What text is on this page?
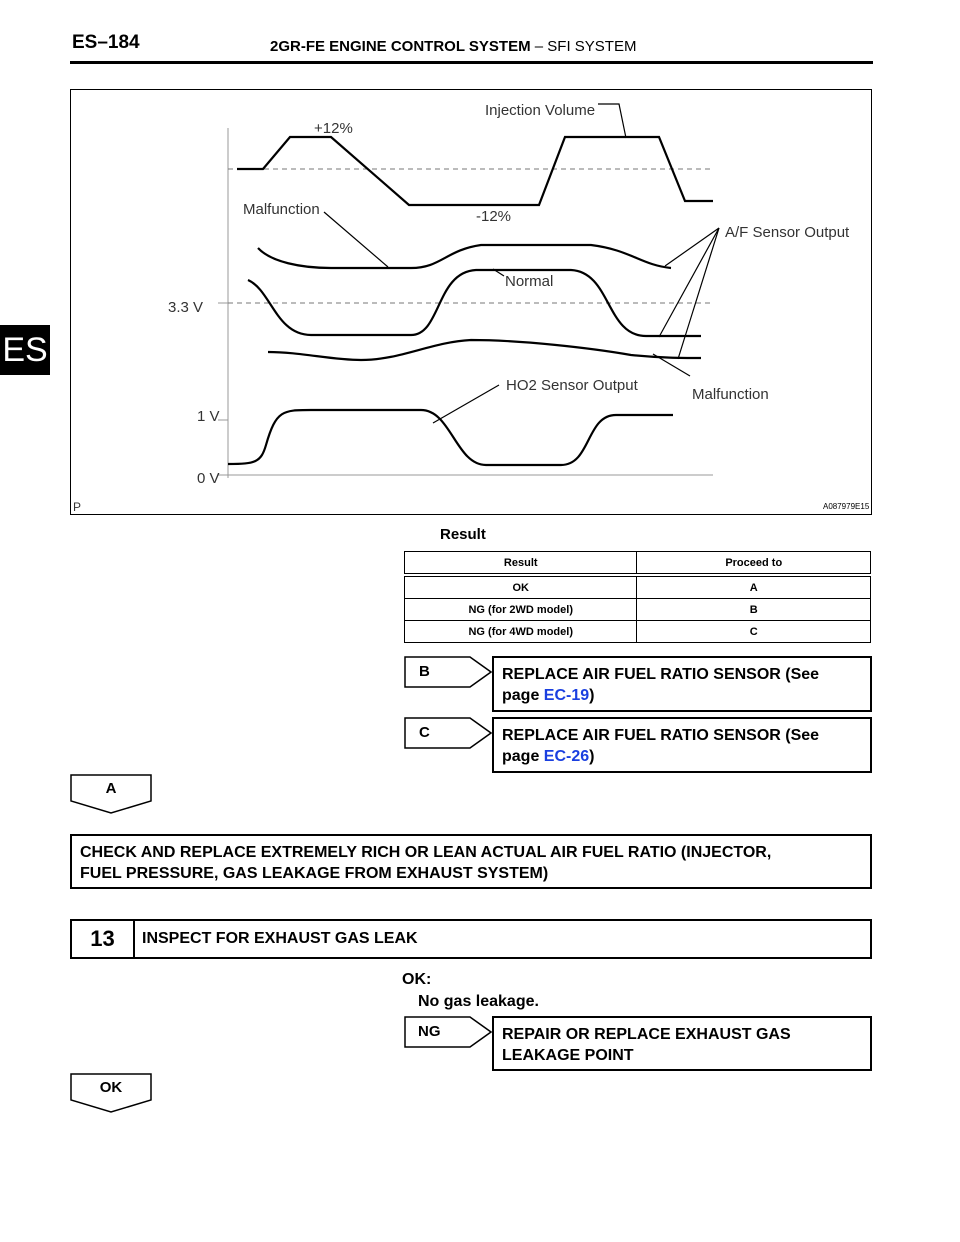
ES–184	2GR-FE ENGINE CONTROL SYSTEM – SFI SYSTEM
ES
Injection Volume
+12%
-12%
Malfunction
A/F Sensor Output
Normal
3.3 V
Malfunction
HO2 Sensor Output
1 V
0 V
P	A087979E15
Result
Result	Proceed to
OK	A
NG (for 2WD model)	B
NG (for 4WD model)	C
B	REPLACE AIR FUEL RATIO SENSOR (See
page EC-19)
C	REPLACE AIR FUEL RATIO SENSOR (See
page EC-26)
A
CHECK AND REPLACE EXTREMELY RICH OR LEAN ACTUAL AIR FUEL RATIO (INJECTOR,
FUEL PRESSURE, GAS LEAKAGE FROM EXHAUST SYSTEM)
13	INSPECT FOR EXHAUST GAS LEAK
OK:
No gas leakage.
NG	REPAIR OR REPLACE EXHAUST GAS
LEAKAGE POINT
OK
